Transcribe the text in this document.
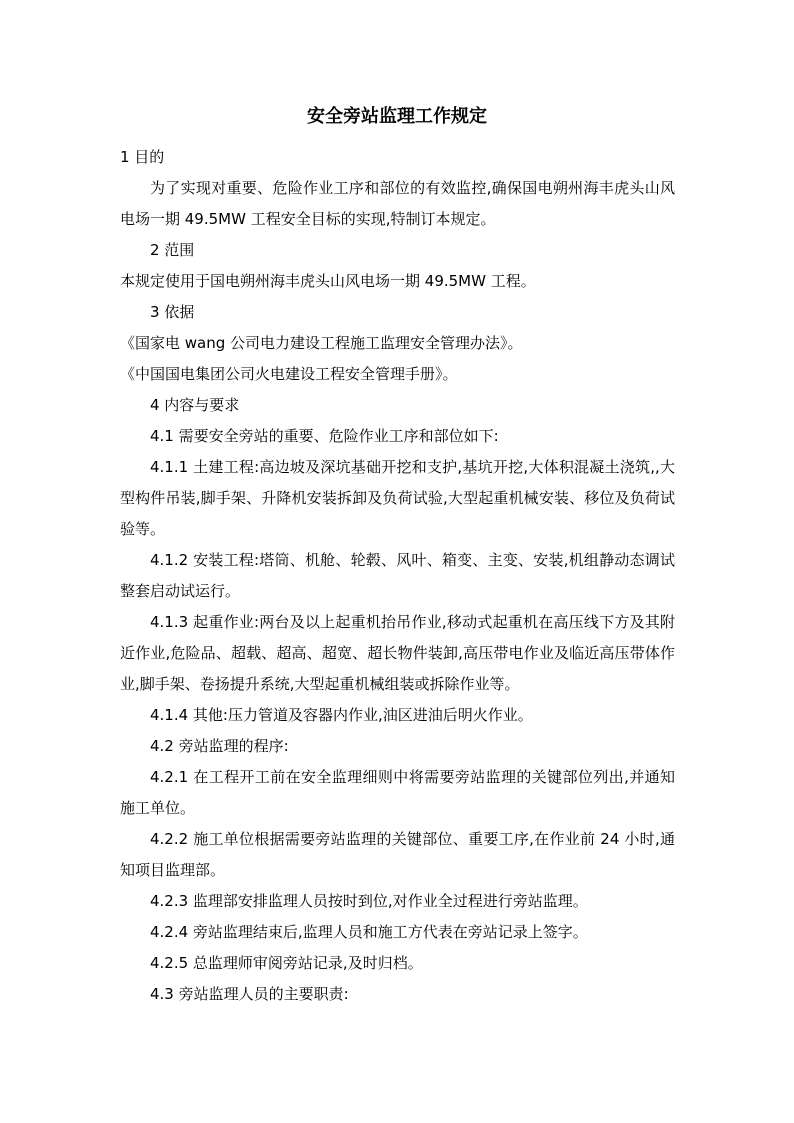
安全旁站监理工作规定

1 目的

为了实现对重要、危险作业工序和部位的有效监控,确保国电朔州海丰虎头山风电场一期 49.5MW 工程安全目标的实现,特制订本规定。

2 范围

本规定使用于国电朔州海丰虎头山风电场一期 49.5MW 工程。

3 依据

《国家电 wang 公司电力建设工程施工监理安全管理办法》。

《中国国电集团公司火电建设工程安全管理手册》。

4 内容与要求

4.1 需要安全旁站的重要、危险作业工序和部位如下:

4.1.1 土建工程:高边坡及深坑基础开挖和支护,基坑开挖,大体积混凝土浇筑,,大型构件吊装,脚手架、升降机安装拆卸及负荷试验,大型起重机械安装、移位及负荷试验等。

4.1.2 安装工程:塔筒、机舱、轮毂、风叶、箱变、主变、安装,机组静动态调试整套启动试运行。

4.1.3 起重作业:两台及以上起重机抬吊作业,移动式起重机在高压线下方及其附近作业,危险品、超载、超高、超宽、超长物件装卸,高压带电作业及临近高压带体作业,脚手架、卷扬提升系统,大型起重机械组装或拆除作业等。

4.1.4 其他:压力管道及容器内作业,油区进油后明火作业。

4.2 旁站监理的程序:

4.2.1 在工程开工前在安全监理细则中将需要旁站监理的关键部位列出,并通知施工单位。

4.2.2 施工单位根据需要旁站监理的关键部位、重要工序,在作业前 24 小时,通知项目监理部。

4.2.3 监理部安排监理人员按时到位,对作业全过程进行旁站监理。

4.2.4 旁站监理结束后,监理人员和施工方代表在旁站记录上签字。

4.2.5 总监理师审阅旁站记录,及时归档。

4.3 旁站监理人员的主要职责:
